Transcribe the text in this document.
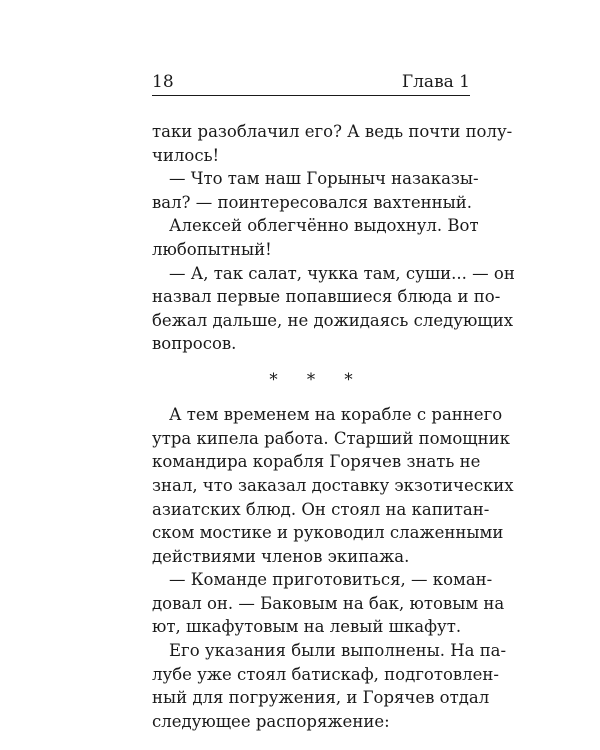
18	Глава 1
таки разоблачил его? А ведь почти полу-
чилось!
— Что там наш Горыныч назаказы-
вал? — поинтересовался вахтенный.
Алексей облегчённо выдохнул. Вот
любопытный!
— А, так салат, чукка там, суши... — он
назвал первые попавшиеся блюда и по-
бежал дальше, не дожидаясь следующих
вопросов.
* * *
А тем временем на корабле с раннего
утра кипела работа. Старший помощник
командира корабля Горячев знать не
знал, что заказал доставку экзотических
азиатских блюд. Он стоял на капитан-
ском мостике и руководил слаженными
действиями членов экипажа.
— Команде приготовиться, — коман-
довал он. — Баковым на бак, ютовым на
ют, шкафутовым на левый шкафут.
Его указания были выполнены. На па-
лубе уже стоял батискаф, подготовлен-
ный для погружения, и Горячев отдал
следующее распоряжение:
